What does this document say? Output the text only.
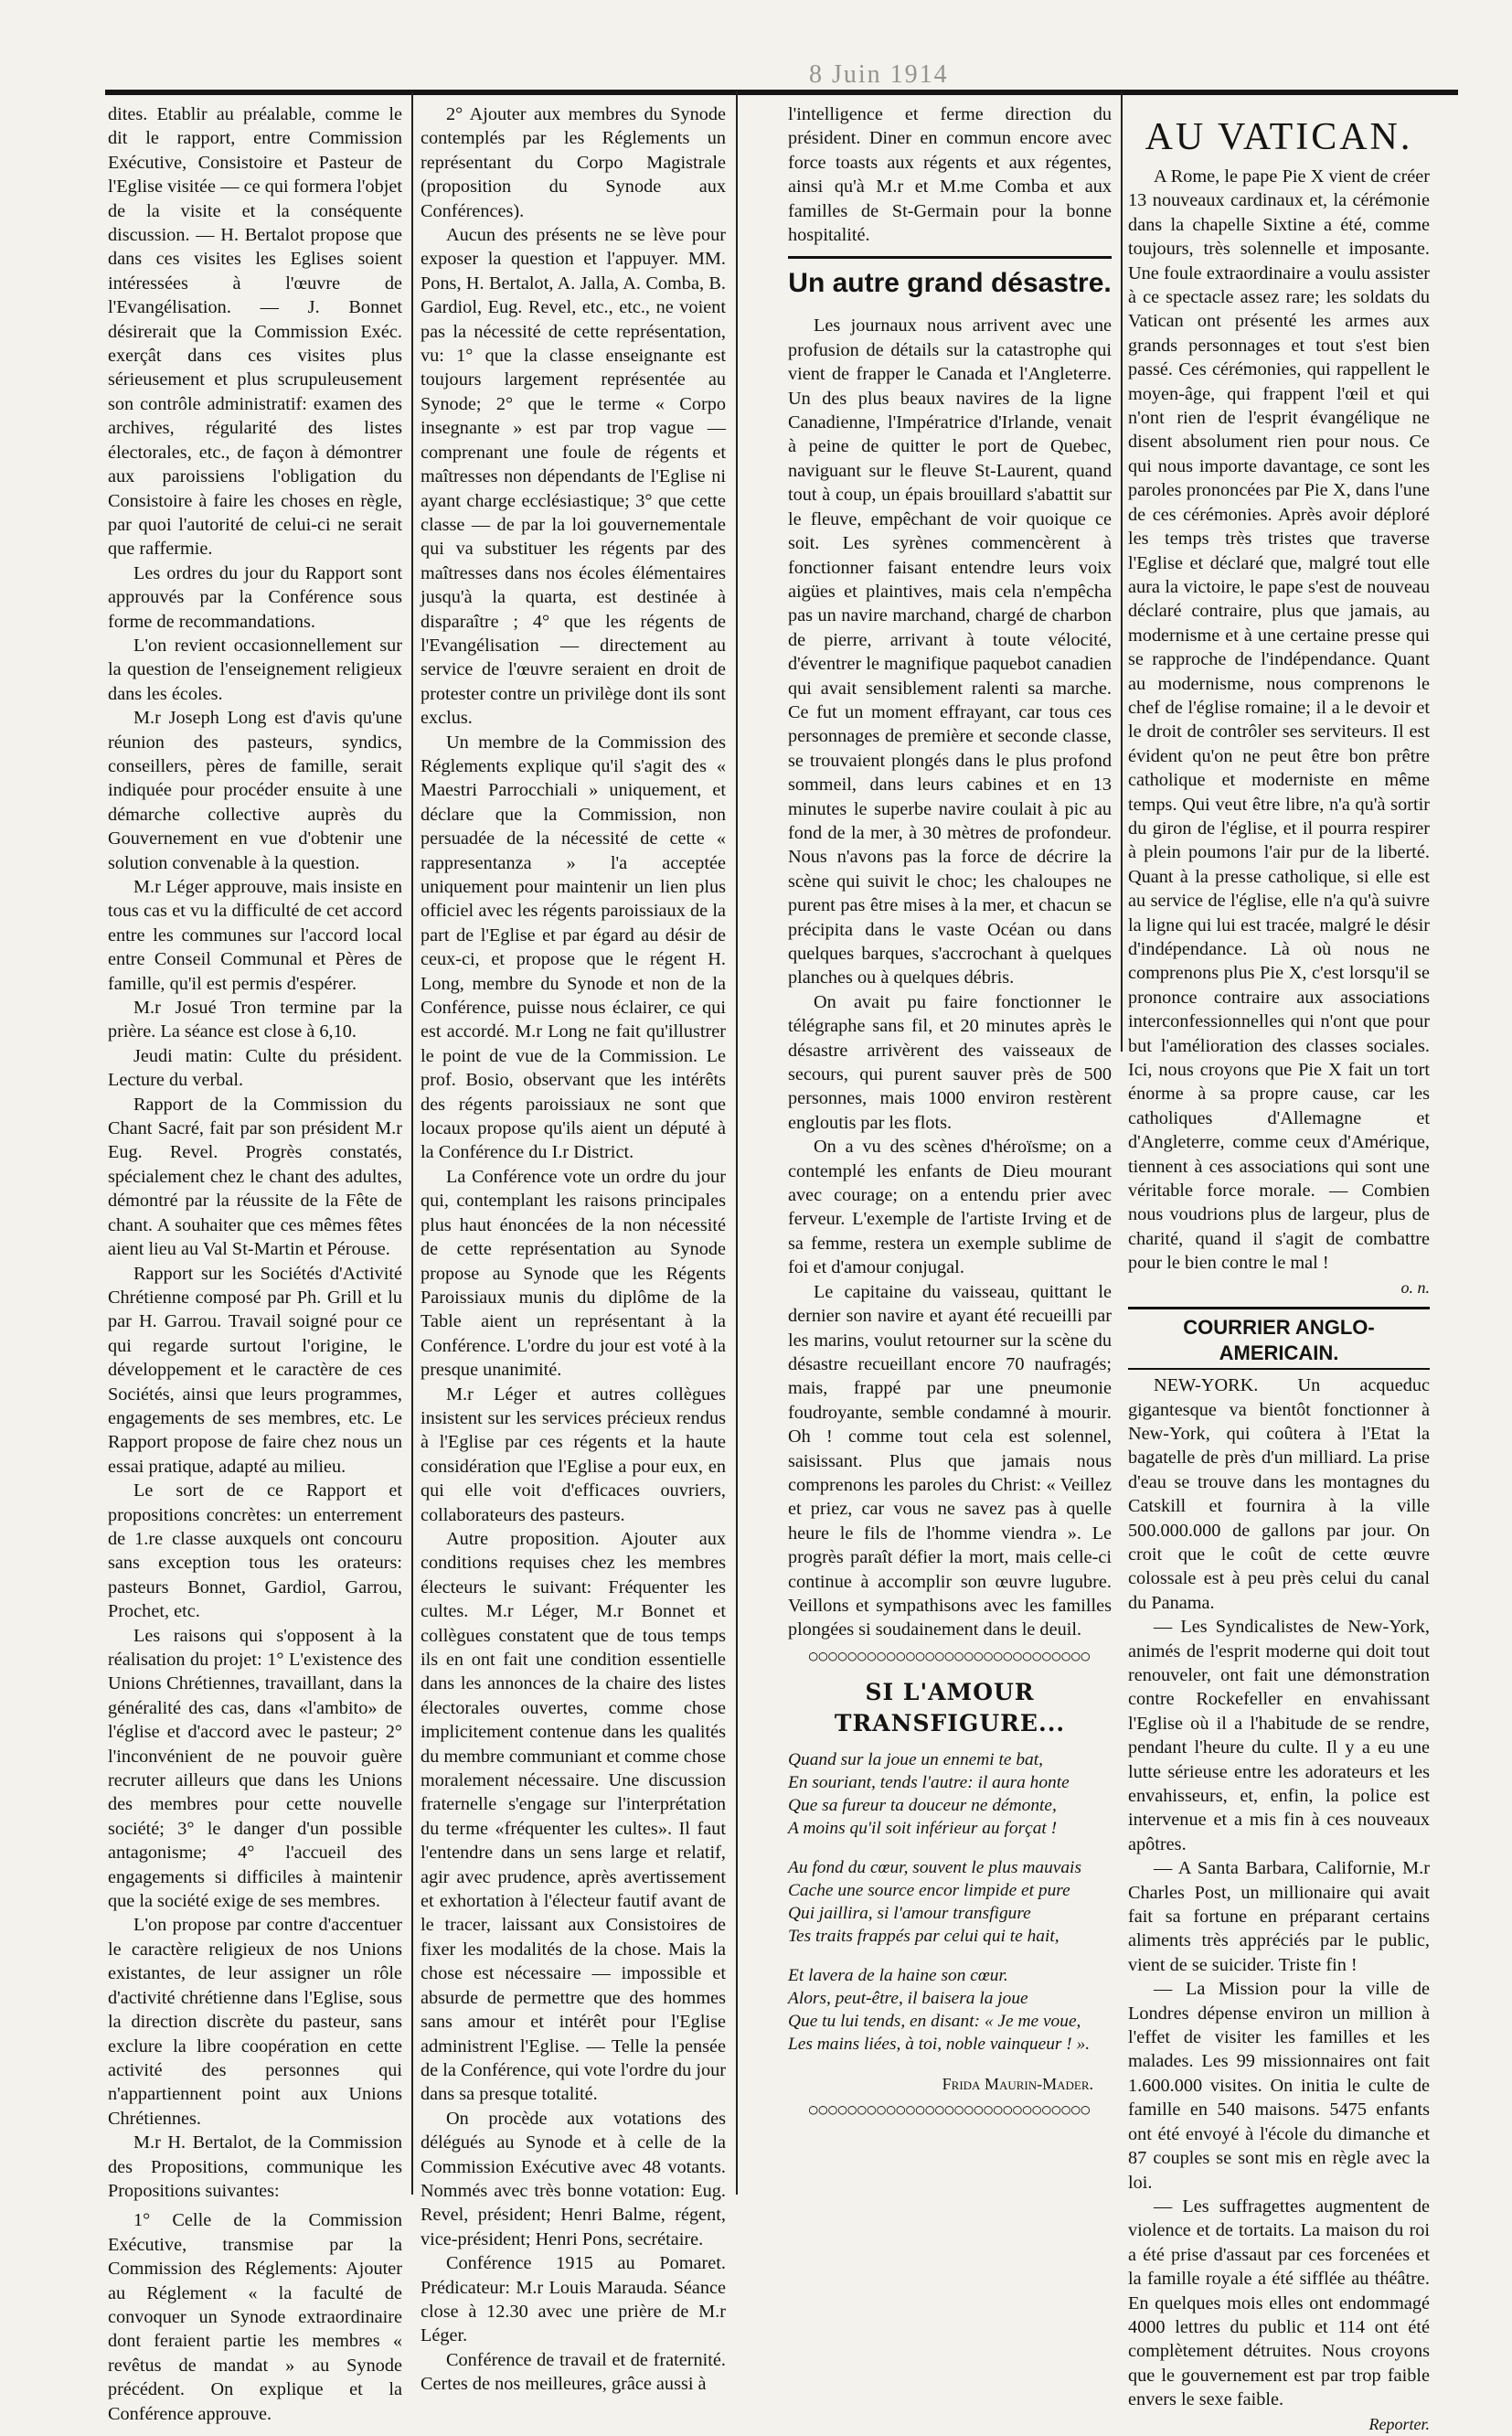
8 Juin 1914

dites. Etablir au préalable, comme le dit le rapport, entre Commission Exécutive, Consistoire et Pasteur de l'Eglise visitée — ce qui formera l'objet de la visite et la conséquente discussion. — H. Bertalot propose que dans ces visites les Eglises soient intéressées à l'œuvre de l'Evangélisation. — J. Bonnet désirerait que la Commission Exéc. exerçât dans ces visites plus sérieusement et plus scrupuleusement son contrôle administratif: examen des archives, régularité des listes électorales, etc., de façon à démontrer aux paroissiens l'obligation du Consistoire à faire les choses en règle, par quoi l'autorité de celui-ci ne serait que raffermie.

Les ordres du jour du Rapport sont approuvés par la Conférence sous forme de recommandations.

L'on revient occasionnellement sur la question de l'enseignement religieux dans les écoles.

M.r Joseph Long est d'avis qu'une réunion des pasteurs, syndics, conseillers, pères de famille, serait indiquée pour procéder ensuite à une démarche collective auprès du Gouvernement en vue d'obtenir une solution convenable à la question.

M.r Léger approuve, mais insiste en tous cas et vu la difficulté de cet accord entre les communes sur l'accord local entre Conseil Communal et Pères de famille, qu'il est permis d'espérer.

M.r Josué Tron termine par la prière. La séance est close à 6,10.

Jeudi matin: Culte du président. Lecture du verbal.

Rapport de la Commission du Chant Sacré, fait par son président M.r Eug. Revel. Progrès constatés, spécialement chez le chant des adultes, démontré par la réussite de la Fête de chant. A souhaiter que ces mêmes fêtes aient lieu au Val St-Martin et Pérouse.

Rapport sur les Sociétés d'Activité Chrétienne composé par Ph. Grill et lu par H. Garrou. Travail soigné pour ce qui regarde surtout l'origine, le développement et le caractère de ces Sociétés, ainsi que leurs programmes, engagements de ses membres, etc. Le Rapport propose de faire chez nous un essai pratique, adapté au milieu.

Le sort de ce Rapport et propositions concrètes: un enterrement de 1.re classe auxquels ont concouru sans exception tous les orateurs: pasteurs Bonnet, Gardiol, Garrou, Prochet, etc.

Les raisons qui s'opposent à la réalisation du projet: 1° L'existence des Unions Chrétiennes, travaillant, dans la généralité des cas, dans «l'ambito» de l'église et d'accord avec le pasteur; 2° l'inconvénient de ne pouvoir guère recruter ailleurs que dans les Unions des membres pour cette nouvelle société; 3° le danger d'un possible antagonisme; 4° l'accueil des engagements si difficiles à maintenir que la société exige de ses membres.

L'on propose par contre d'accentuer le caractère religieux de nos Unions existantes, de leur assigner un rôle d'activité chrétienne dans l'Eglise, sous la direction discrète du pasteur, sans exclure la libre coopération en cette activité des personnes qui n'appartiennent point aux Unions Chrétiennes.

M.r H. Bertalot, de la Commission des Propositions, communique les Propositions suivantes:

1° Celle de la Commission Exécutive, transmise par la Commission des Réglements: Ajouter au Réglement « la faculté de convoquer un Synode extraordinaire dont feraient partie les membres « revêtus de mandat » au Synode précédent. On explique et la Conférence approuve.

2° Ajouter aux membres du Synode contemplés par les Réglements un représentant du Corpo Magistrale (proposition du Synode aux Conférences).

Aucun des présents ne se lève pour exposer la question et l'appuyer. MM. Pons, H. Bertalot, A. Jalla, A. Comba, B. Gardiol, Eug. Revel, etc., etc., ne voient pas la nécessité de cette représentation, vu: 1° que la classe enseignante est toujours largement représentée au Synode; 2° que le terme « Corpo insegnante » est par trop vague — comprenant une foule de régents et maîtresses non dépendants de l'Eglise ni ayant charge ecclésiastique; 3° que cette classe — de par la loi gouvernementale qui va substituer les régents par des maîtresses dans nos écoles élémentaires jusqu'à la quarta, est destinée à disparaître ; 4° que les régents de l'Evangélisation — directement au service de l'œuvre seraient en droit de protester contre un privilège dont ils sont exclus.

Un membre de la Commission des Réglements explique qu'il s'agit des « Maestri Parrocchiali » uniquement, et déclare que la Commission, non persuadée de la nécessité de cette « rappresentanza » l'a acceptée uniquement pour maintenir un lien plus officiel avec les régents paroissiaux de la part de l'Eglise et par égard au désir de ceux-ci, et propose que le régent H. Long, membre du Synode et non de la Conférence, puisse nous éclairer, ce qui est accordé. M.r Long ne fait qu'illustrer le point de vue de la Commission. Le prof. Bosio, observant que les intérêts des régents paroissiaux ne sont que locaux propose qu'ils aient un député à la Conférence du I.r District.

La Conférence vote un ordre du jour qui, contemplant les raisons principales plus haut énoncées de la non nécessité de cette représentation au Synode propose au Synode que les Régents Paroissiaux munis du diplôme de la Table aient un représentant à la Conférence. L'ordre du jour est voté à la presque unanimité.

M.r Léger et autres collègues insistent sur les services précieux rendus à l'Eglise par ces régents et la haute considération que l'Eglise a pour eux, en qui elle voit d'efficaces ouvriers, collaborateurs des pasteurs.

Autre proposition. Ajouter aux conditions requises chez les membres électeurs le suivant: Fréquenter les cultes. M.r Léger, M.r Bonnet et collègues constatent que de tous temps ils en ont fait une condition essentielle dans les annonces de la chaire des listes électorales ouvertes, comme chose implicitement contenue dans les qualités du membre communiant et comme chose moralement nécessaire. Une discussion fraternelle s'engage sur l'interprétation du terme «fréquenter les cultes». Il faut l'entendre dans un sens large et relatif, agir avec prudence, après avertissement et exhortation à l'électeur fautif avant de le tracer, laissant aux Consistoires de fixer les modalités de la chose. Mais la chose est nécessaire — impossible et absurde de permettre que des hommes sans amour et intérêt pour l'Eglise administrent l'Eglise. — Telle la pensée de la Conférence, qui vote l'ordre du jour dans sa presque totalité.

On procède aux votations des délégués au Synode et à celle de la Commission Exécutive avec 48 votants. Nommés avec très bonne votation: Eug. Revel, président; Henri Balme, régent, vice-président; Henri Pons, secrétaire.

Conférence 1915 au Pomaret. Prédicateur: M.r Louis Marauda. Séance close à 12.30 avec une prière de M.r Léger.

Conférence de travail et de fraternité. Certes de nos meilleures, grâce aussi à

l'intelligence et ferme direction du président. Diner en commun encore avec force toasts aux régents et aux régentes, ainsi qu'à M.r et M.me Comba et aux familles de St-Germain pour la bonne hospitalité.

Un autre grand désastre.

Les journaux nous arrivent avec une profusion de détails sur la catastrophe qui vient de frapper le Canada et l'Angleterre. Un des plus beaux navires de la ligne Canadienne, l'Impératrice d'Irlande, venait à peine de quitter le port de Quebec, naviguant sur le fleuve St-Laurent, quand tout à coup, un épais brouillard s'abattit sur le fleuve, empêchant de voir quoique ce soit. Les syrènes commencèrent à fonctionner faisant entendre leurs voix aigües et plaintives, mais cela n'empêcha pas un navire marchand, chargé de charbon de pierre, arrivant à toute vélocité, d'éventrer le magnifique paquebot canadien qui avait sensiblement ralenti sa marche. Ce fut un moment effrayant, car tous ces personnages de première et seconde classe, se trouvaient plongés dans le plus profond sommeil, dans leurs cabines et en 13 minutes le superbe navire coulait à pic au fond de la mer, à 30 mètres de profondeur. Nous n'avons pas la force de décrire la scène qui suivit le choc; les chaloupes ne purent pas être mises à la mer, et chacun se précipita dans le vaste Océan ou dans quelques barques, s'accrochant à quelques planches ou à quelques débris.

On avait pu faire fonctionner le télégraphe sans fil, et 20 minutes après le désastre arrivèrent des vaisseaux de secours, qui purent sauver près de 500 personnes, mais 1000 environ restèrent engloutis par les flots.

On a vu des scènes d'héroïsme; on a contemplé les enfants de Dieu mourant avec courage; on a entendu prier avec ferveur. L'exemple de l'artiste Irving et de sa femme, restera un exemple sublime de foi et d'amour conjugal.

Le capitaine du vaisseau, quittant le dernier son navire et ayant été recueilli par les marins, voulut retourner sur la scène du désastre recueillant encore 70 naufragés; mais, frappé par une pneumonie foudroyante, semble condamné à mourir. Oh ! comme tout cela est solennel, saisissant. Plus que jamais nous comprenons les paroles du Christ: « Veillez et priez, car vous ne savez pas à quelle heure le fils de l'homme viendra ». Le progrès paraît défier la mort, mais celle-ci continue à accomplir son œuvre lugubre. Veillons et sympathisons avec les familles plongées si soudainement dans le deuil.

○○○○○○○○○○○○○○○○○○○○○○○○○○○○○
SI L'AMOUR TRANSFIGURE...

Quand sur la joue un ennemi te bat,

En souriant, tends l'autre: il aura honte

Que sa fureur ta douceur ne démonte,

A moins qu'il soit inférieur au forçat !

Au fond du cœur, souvent le plus mauvais

Cache une source encor limpide et pure

Qui jaillira, si l'amour transfigure

Tes traits frappés par celui qui te hait,

Et lavera de la haine son cœur.

Alors, peut-être, il baisera la joue

Que tu lui tends, en disant: « Je me voue,

Les mains liées, à toi, noble vainqueur ! ».

Frida Maurin-Mader.
○○○○○○○○○○○○○○○○○○○○○○○○○○○○○
AU VATICAN.

A Rome, le pape Pie X vient de créer 13 nouveaux cardinaux et, la cérémonie dans la chapelle Sixtine a été, comme toujours, très solennelle et imposante. Une foule extraordinaire a voulu assister à ce spectacle assez rare; les soldats du Vatican ont présenté les armes aux grands personnages et tout s'est bien passé. Ces cérémonies, qui rappellent le moyen-âge, qui frappent l'œil et qui n'ont rien de l'esprit évangélique ne disent absolument rien pour nous. Ce qui nous importe davantage, ce sont les paroles prononcées par Pie X, dans l'une de ces cérémonies. Après avoir déploré les temps très tristes que traverse l'Eglise et déclaré que, malgré tout elle aura la victoire, le pape s'est de nouveau déclaré contraire, plus que jamais, au modernisme et à une certaine presse qui se rapproche de l'indépendance. Quant au modernisme, nous comprenons le chef de l'église romaine; il a le devoir et le droit de contrôler ses serviteurs. Il est évident qu'on ne peut être bon prêtre catholique et moderniste en même temps. Qui veut être libre, n'a qu'à sortir du giron de l'église, et il pourra respirer à plein poumons l'air pur de la liberté. Quant à la presse catholique, si elle est au service de l'église, elle n'a qu'à suivre la ligne qui lui est tracée, malgré le désir d'indépendance. Là où nous ne comprenons plus Pie X, c'est lorsqu'il se prononce contraire aux associations interconfessionnelles qui n'ont que pour but l'amélioration des classes sociales. Ici, nous croyons que Pie X fait un tort énorme à sa propre cause, car les catholiques d'Allemagne et d'Angleterre, comme ceux d'Amérique, tiennent à ces associations qui sont une véritable force morale. — Combien nous voudrions plus de largeur, plus de charité, quand il s'agit de combattre pour le bien contre le mal !

o. n.
COURRIER ANGLO-AMERICAIN.

NEW-YORK. Un acqueduc gigantesque va bientôt fonctionner à New-York, qui coûtera à l'Etat la bagatelle de près d'un milliard. La prise d'eau se trouve dans les montagnes du Catskill et fournira à la ville 500.000.000 de gallons par jour. On croit que le coût de cette œuvre colossale est à peu près celui du canal du Panama.

— Les Syndicalistes de New-York, animés de l'esprit moderne qui doit tout renouveler, ont fait une démonstration contre Rockefeller en envahissant l'Eglise où il a l'habitude de se rendre, pendant l'heure du culte. Il y a eu une lutte sérieuse entre les adorateurs et les envahisseurs, et, enfin, la police est intervenue et a mis fin à ces nouveaux apôtres.

— A Santa Barbara, Californie, M.r Charles Post, un millionaire qui avait fait sa fortune en préparant certains aliments très appréciés par le public, vient de se suicider. Triste fin !

— La Mission pour la ville de Londres dépense environ un million à l'effet de visiter les familles et les malades. Les 99 missionnaires ont fait 1.600.000 visites. On initia le culte de famille en 540 maisons. 5475 enfants ont été envoyé à l'école du dimanche et 87 couples se sont mis en règle avec la loi.

— Les suffragettes augmentent de violence et de tortaits. La maison du roi a été prise d'assaut par ces forcenées et la famille royale a été sifflée au théâtre. En quelques mois elles ont endommagé 4000 lettres du public et 114 ont été complètement détruites. Nous croyons que le gouvernement est par trop faible envers le sexe faible.

Reporter.
